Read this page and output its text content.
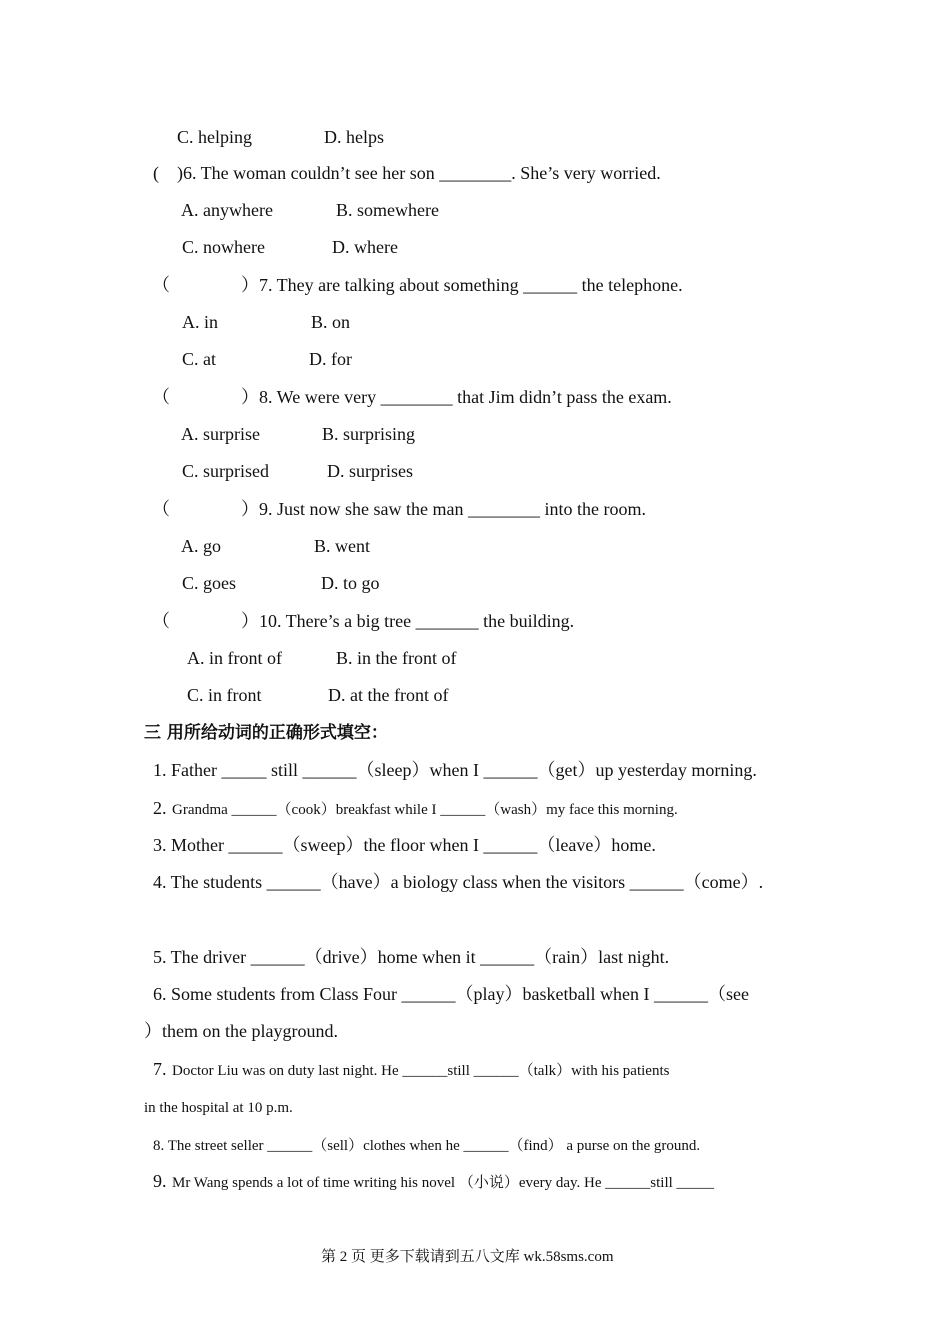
C. helping	D. helps
(    )6. The woman couldn’t see her son ________. She’s very worried.
A. anywhere	B. somewhere
C. nowhere	D. where
（	）7. They are talking about something ______ the telephone.
A. in	B. on
C. at	D. for
（	）8. We were very ________ that Jim didn’t pass the exam.
A. surprise	B. surprising
C. surprised	D. surprises
（	）9. Just now she saw the man ________ into the room.
A. go	B. went
C. goes	D. to go
（	）10. There’s a big tree _______ the building.
A. in front of	B. in the front of
C. in front	D. at the front of
三 用所给动词的正确形式填空：
1. Father _____ still ______（sleep）when I ______（get）up yesterday morning.
2. Grandma ______（cook）breakfast while I ______（wash）my face this morning.
3. Mother ______（sweep）the floor when I ______（leave）home.
4. The students ______（have）a biology class when the visitors ______（come）.
5. The driver ______（drive）home when it ______（rain）last night.
6. Some students from Class Four ______（play）basketball when I ______（see
）them on the playground.
7. Doctor Liu was on duty last night. He ______still ______（talk）with his patients
in the hospital at 10 p.m.
8. The street seller ______（sell）clothes when he ______（find） a purse on the ground.
9. Mr Wang spends a lot of time writing his novel （小说）every day. He ______still _____
第 2 页 更多下载请到五八文库 wk.58sms.com
